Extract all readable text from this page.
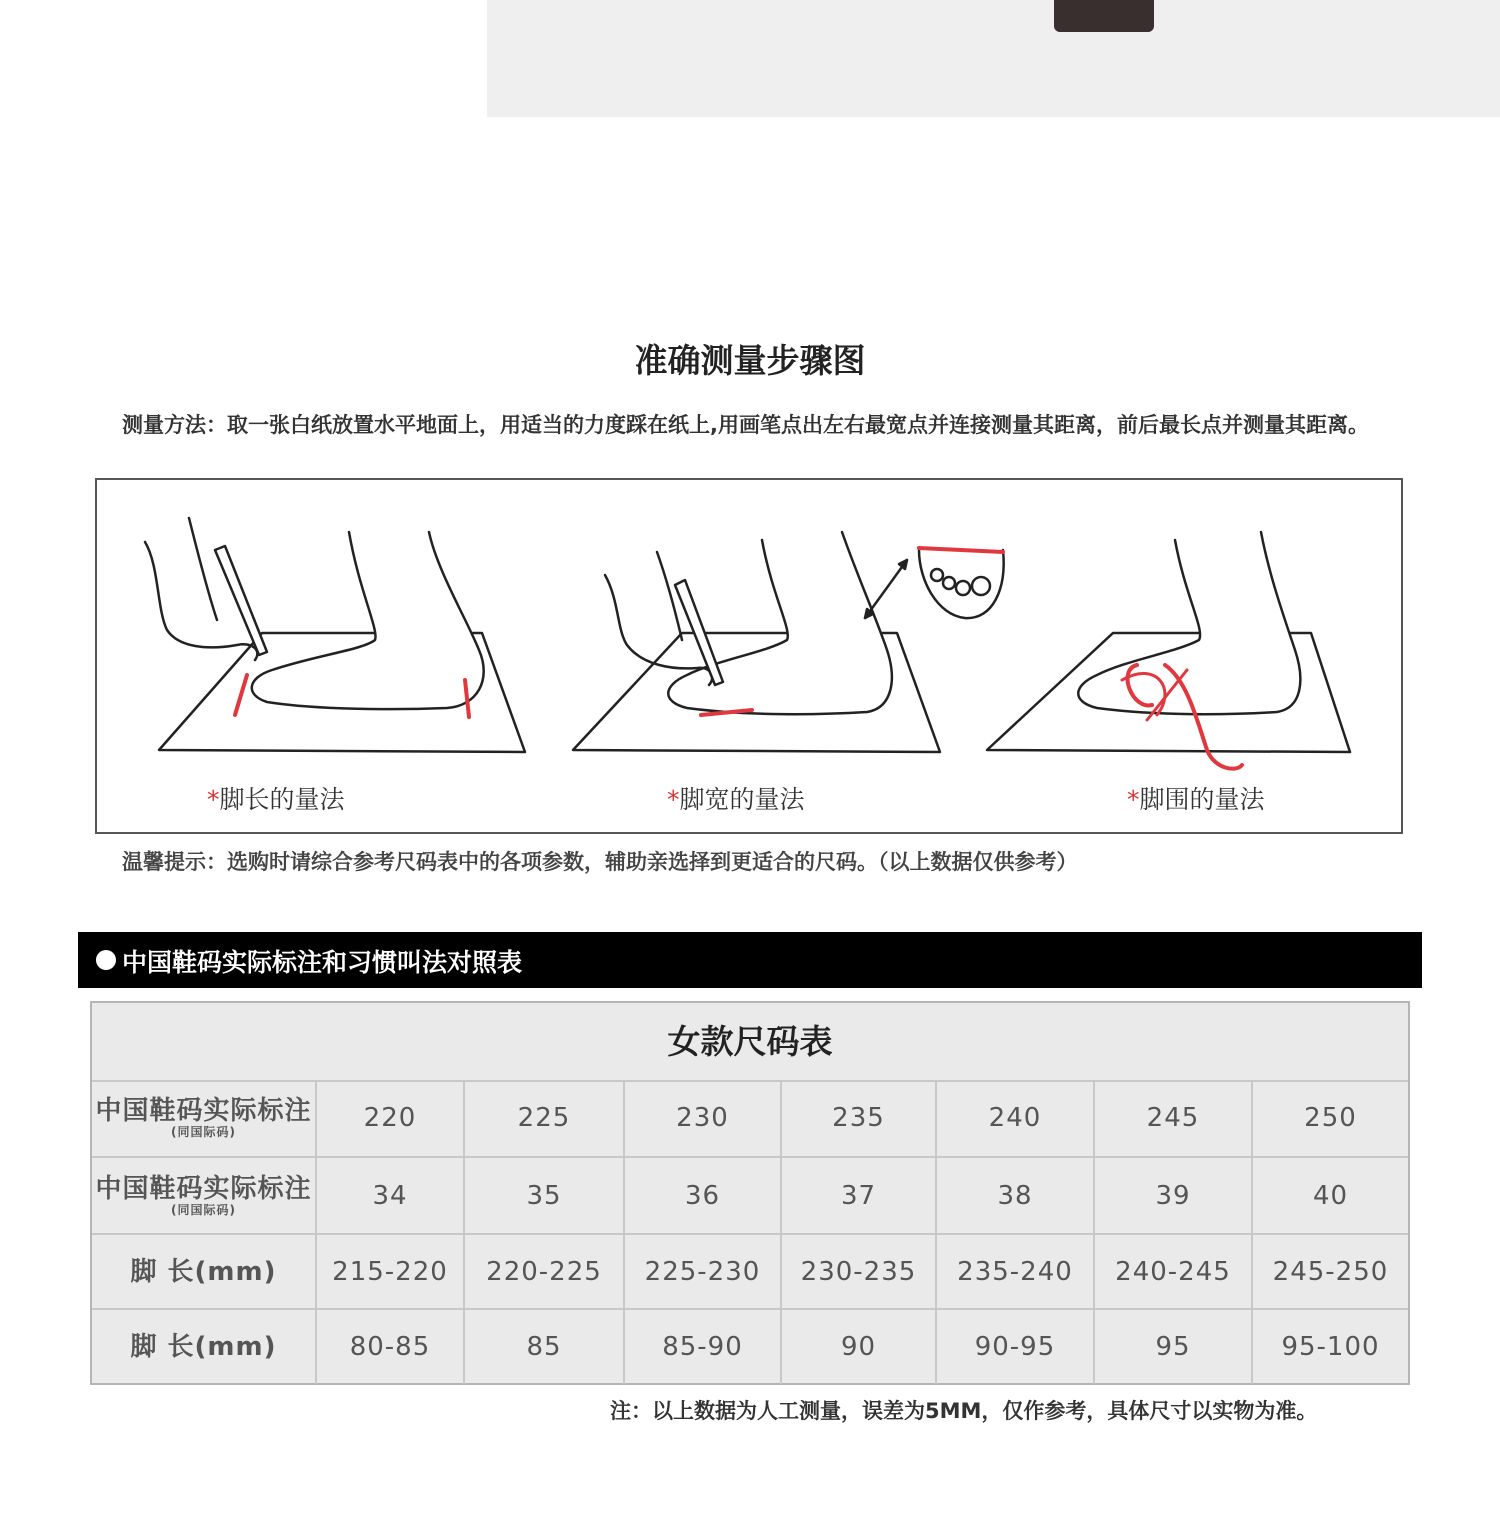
准确测量步骤图
测量方法：取一张白纸放置水平地面上，用适当的力度踩在纸上,用画笔点出左右最宽点并连接测量其距离，前后最长点并测量其距离。
*脚长的量法	*脚宽的量法	*脚围的量法
温馨提示：选购时请综合参考尺码表中的各项参数，辅助亲选择到更适合的尺码。（以上数据仅供参考）
中国鞋码实际标注和习惯叫法对照表
女款尺码表
中国鞋码实际标注
(同国际码)	220	225	230	235	240	245	250
中国鞋码实际标注
(同国际码)	34	35	36	37	38	39	40
脚 长(mm)	215-220	220-225	225-230	230-235	235-240	240-245	245-250
脚 长(mm)	80-85	85	85-90	90	90-95	95	95-100
注：以上数据为人工测量，误差为5MM，仅作参考，具体尺寸以实物为准。
